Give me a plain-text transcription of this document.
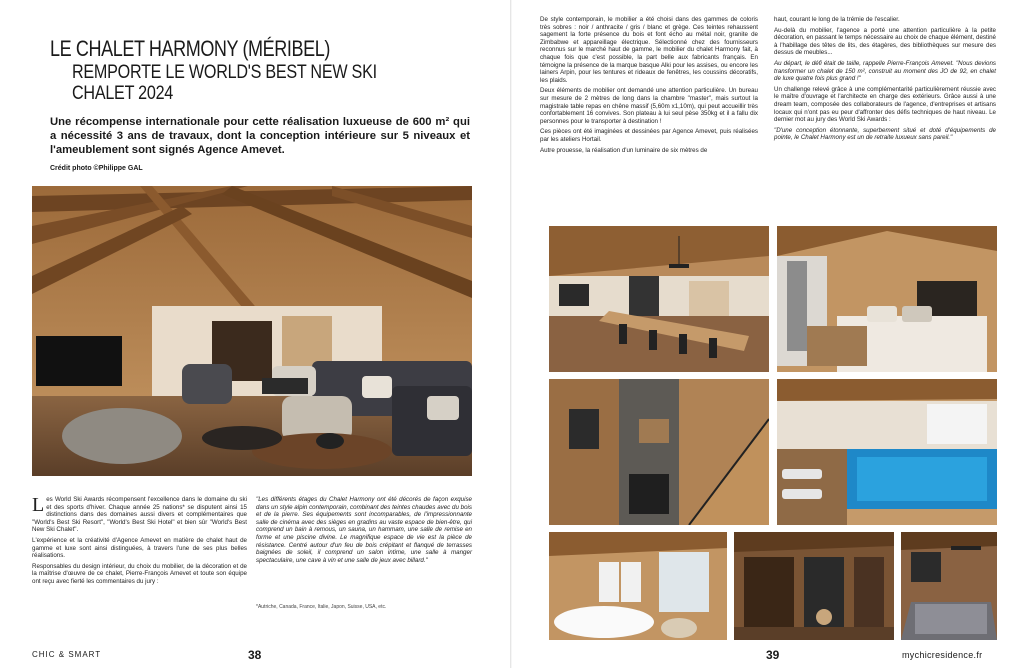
LE CHALET HARMONY (MÉRIBEL)
REMPORTE LE WORLD'S BEST NEW SKI CHALET 2024
Une récompense internationale pour cette réalisation luxueuse de 600 m² qui a nécessité 3 ans de travaux, dont la conception intérieure sur 5 niveaux et l'ameublement sont signés Agence Amevet.
Crédit photo ©Philippe GAL

Les World Ski Awards récompensent l'excellence dans le domaine du ski et des sports d'hiver. Chaque année 25 nations* se disputent ainsi 15 distinctions dans des domaines aussi divers et complémentaires que "World's Best Ski Resort", "World's Best Ski Hotel" et bien sûr "World's Best New Ski Chalet".

L'expérience et la créativité d'Agence Amevet en matière de chalet haut de gamme et luxe sont ainsi distinguées, à travers l'une de ses plus belles réalisations.

Responsables du design intérieur, du choix du mobilier, de la décoration et de la maîtrise d'œuvre de ce chalet, Pierre-François Amevet et toute son équipe ont reçu avec fierté les commentaires du jury :

"Les différents étages du Chalet Harmony ont été décorés de façon exquise dans un style alpin contemporain, combinant des teintes chaudes avec du bois et de la pierre. Ses équipements sont incomparables, de l'impressionnante salle de cinéma avec des sièges en gradins au vaste espace de bien-être, qui comprend un bain à remous, un sauna, un hammam, une salle de remise en forme et une piscine divine. Le magnifique espace de vie est la pièce de résistance. Centré autour d'un feu de bois crépitant et flanqué de terrasses baignées de soleil, il comprend un salon intime, une salle à manger spectaculaire, une cave à vin et une salle de jeux avec billard."

*Autriche, Canada, France, Italie, Japon, Suisse, USA, etc.
CHIC & SMART	38

De style contemporain, le mobilier a été choisi dans des gammes de coloris très sobres : noir / anthracite / gris / blanc et grège. Ces teintes rehaussent sagement la forte présence du bois et font écho au métal noir, granite de Zimbabwe et appareillage électrique. Sélectionné chez des fournisseurs reconnus sur le marché haut de gamme, le mobilier du chalet Harmony fait, à chaque fois que c'est possible, la part belle aux fabricants français. En témoigne la présence de la marque basque Alki pour les assises, ou encore les lainers Arpin, pour les tentures et rideaux de fenêtres, les coussins décoratifs, les plaids.

Deux éléments de mobilier ont demandé une attention particulière. Un bureau sur mesure de 2 mètres de long dans la chambre "master", mais surtout la magistrale table repas en chêne massif (5,60m x1,10m), qui peut accueillir très confortablement 16 convives. Son plateau à lui seul pèse 350kg et il a fallu dix personnes pour le transporter à destination !

Ces pièces ont été imaginées et dessinées par Agence Amevet, puis réalisées par les ateliers Hortail.

Autre prouesse, la réalisation d'un luminaire de six mètres de

haut, courant le long de la trémie de l'escalier.

Au-delà du mobilier, l'agence a porté une attention particulière à la petite décoration, en passant le temps nécessaire au choix de chaque élément, destiné à l'habillage des têtes de lits, des étagères, des bibliothèques sur mesure des dessus de meubles...

Au départ, le défi était de taille, rappelle Pierre-François Amevet. "Nous devions transformer un chalet de 150 m², construit au moment des JO de 92, en chalet de luxe quatre fois plus grand !"

Un challenge relevé grâce à une complémentarité particulièrement réussie avec le maître d'ouvrage et l'architecte en charge des extérieurs. Grâce aussi à une dream team, composée des collaborateurs de l'agence, d'entreprises et artisans locaux qui n'ont pas eu peur d'affronter des défis techniques de haut niveau. Le dernier mot au jury des World Ski Awards :

"D'une conception étonnante, superbement situé et doté d'équipements de pointe, le Chalet Harmony est un de retraite luxueux sans pareil."

39	mychicresidence.fr
